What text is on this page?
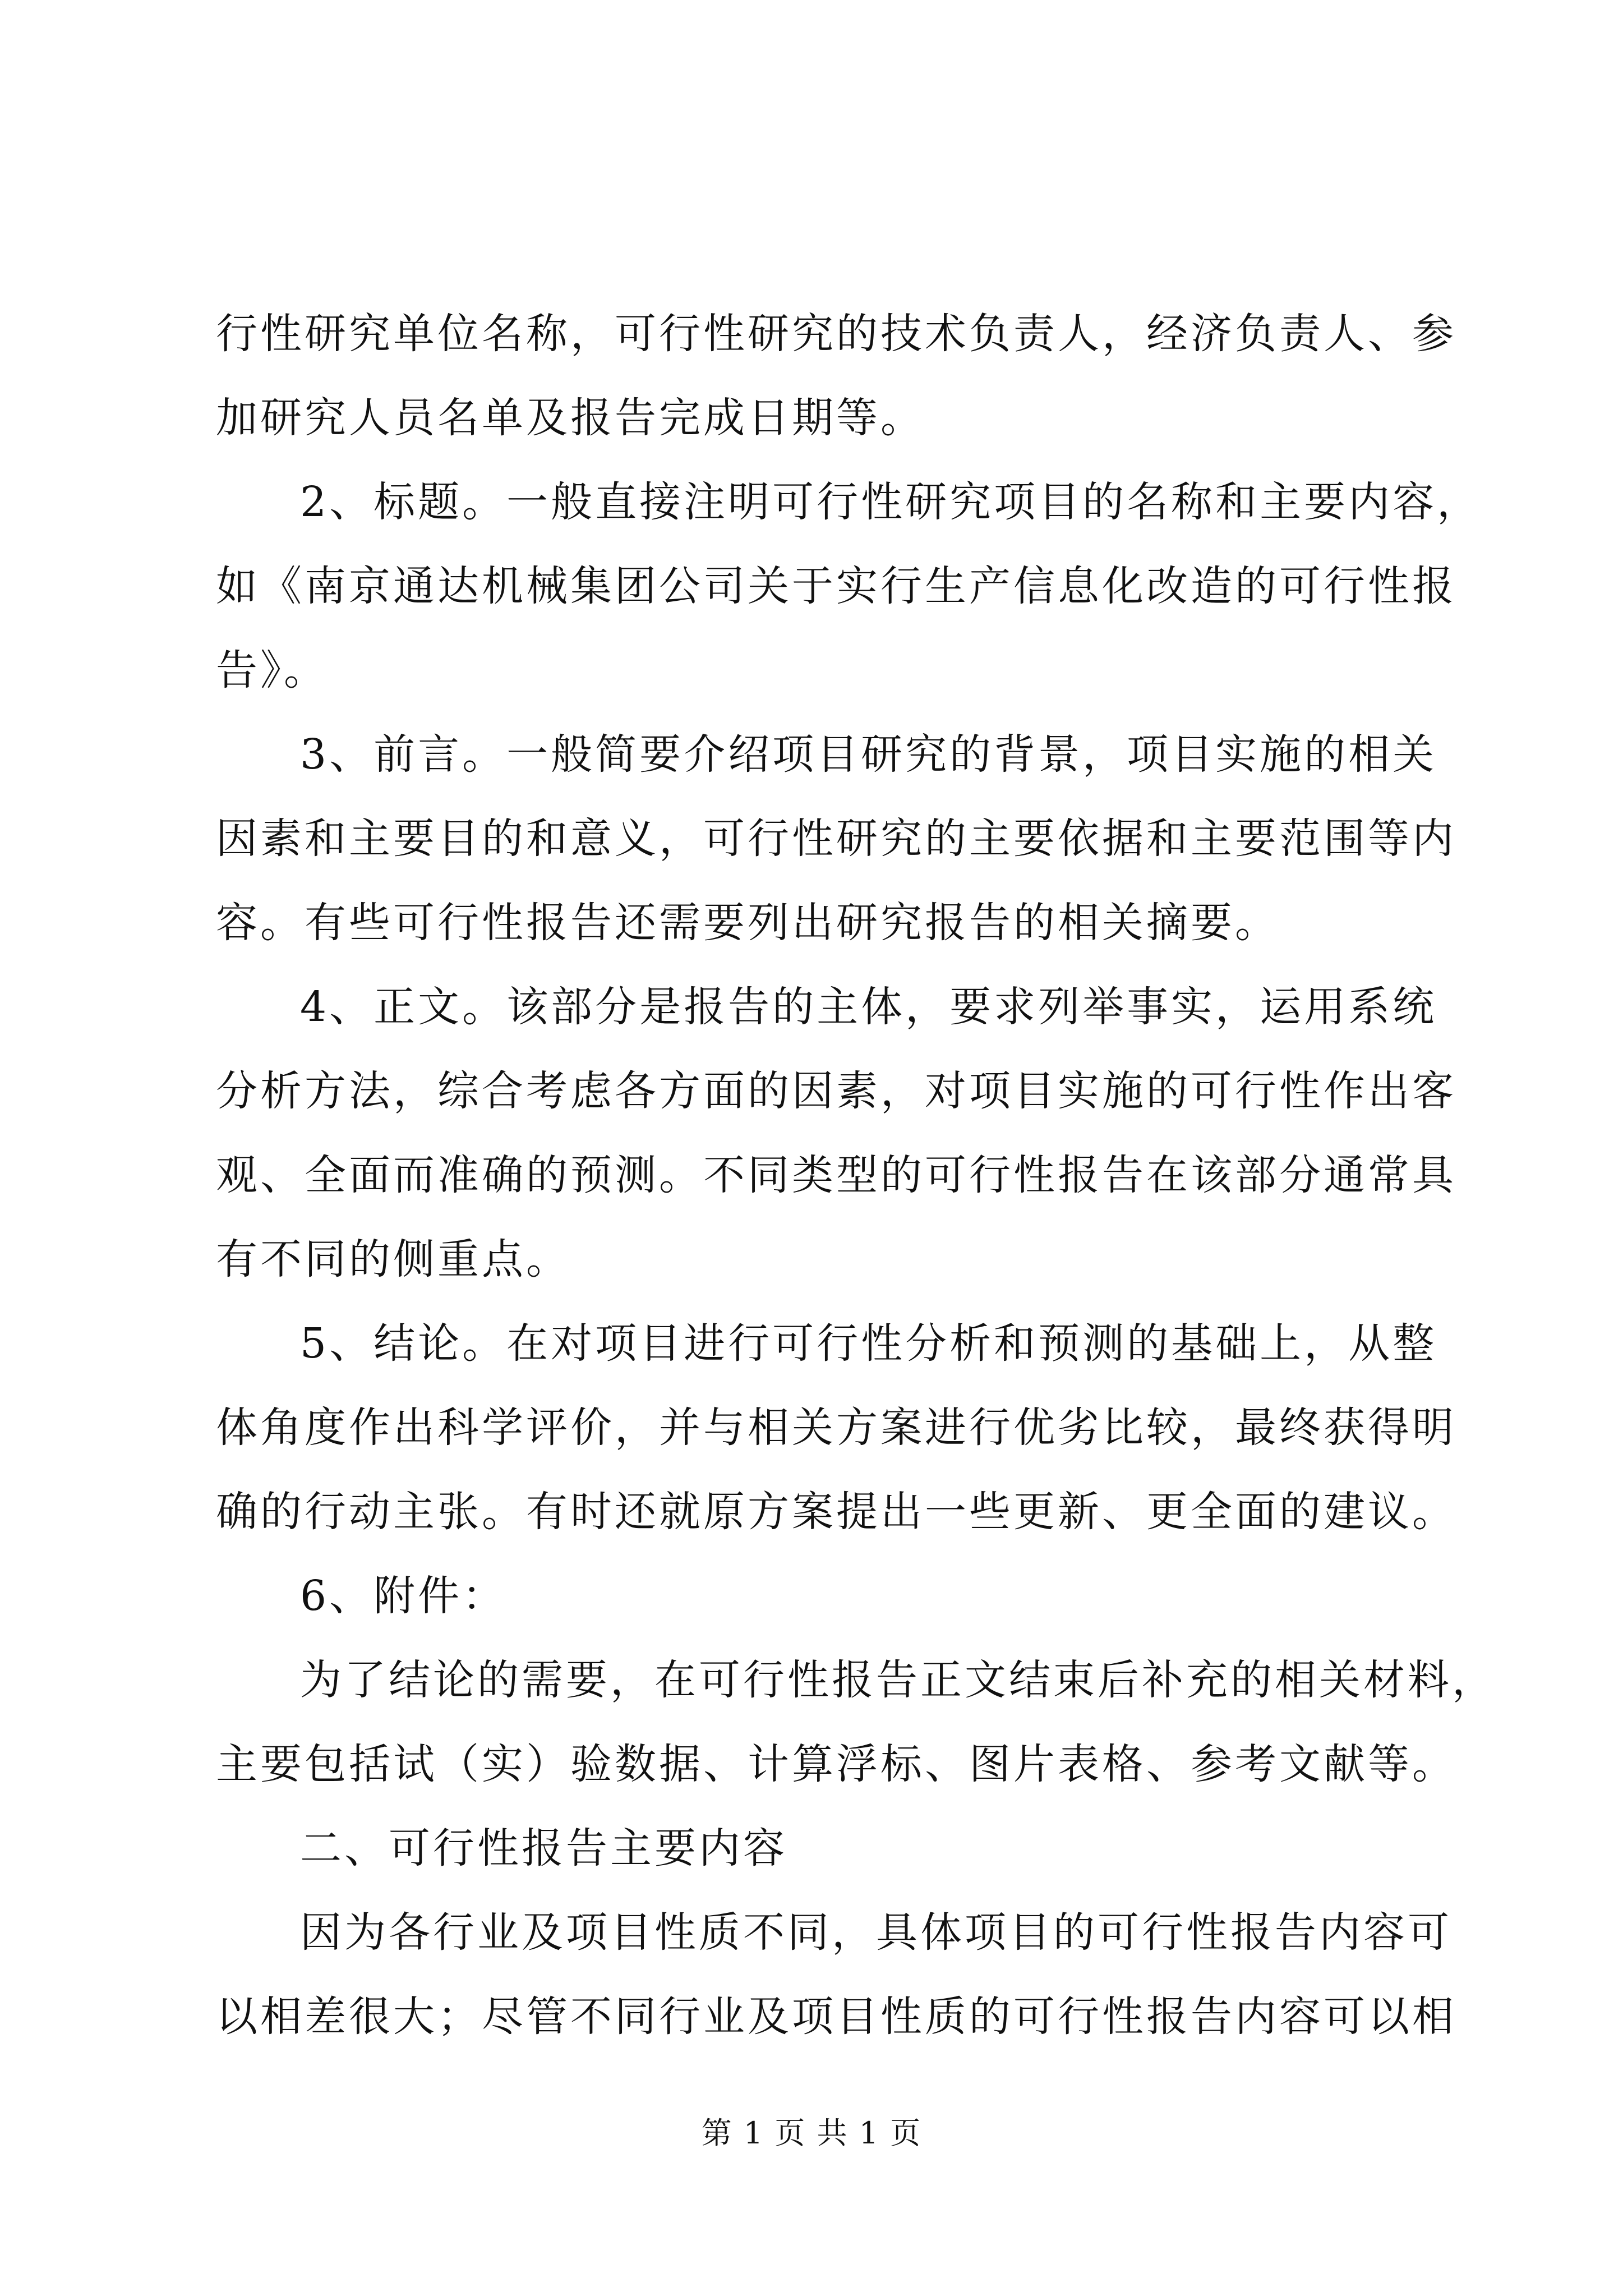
行性研究单位名称，可行性研究的技术负责人，经济负责人、参
加研究人员名单及报告完成日期等。
2、标题。一般直接注明可行性研究项目的名称和主要内容，
如《南京通达机械集团公司关于实行生产信息化改造的可行性报
告》。
3、前言。一般简要介绍项目研究的背景，项目实施的相关
因素和主要目的和意义，可行性研究的主要依据和主要范围等内
容。有些可行性报告还需要列出研究报告的相关摘要。
4、正文。该部分是报告的主体，要求列举事实，运用系统
分析方法，综合考虑各方面的因素，对项目实施的可行性作出客
观、全面而准确的预测。不同类型的可行性报告在该部分通常具
有不同的侧重点。
5、结论。在对项目进行可行性分析和预测的基础上，从整
体角度作出科学评价，并与相关方案进行优劣比较，最终获得明
确的行动主张。有时还就原方案提出一些更新、更全面的建议。
6、附件：
为了结论的需要，在可行性报告正文结束后补充的相关材料，
主要包括试（实）验数据、计算浮标、图片表格、参考文献等。
二、可行性报告主要内容
因为各行业及项目性质不同，具体项目的可行性报告内容可
以相差很大；尽管不同行业及项目性质的可行性报告内容可以相
第 1 页 共 1 页
